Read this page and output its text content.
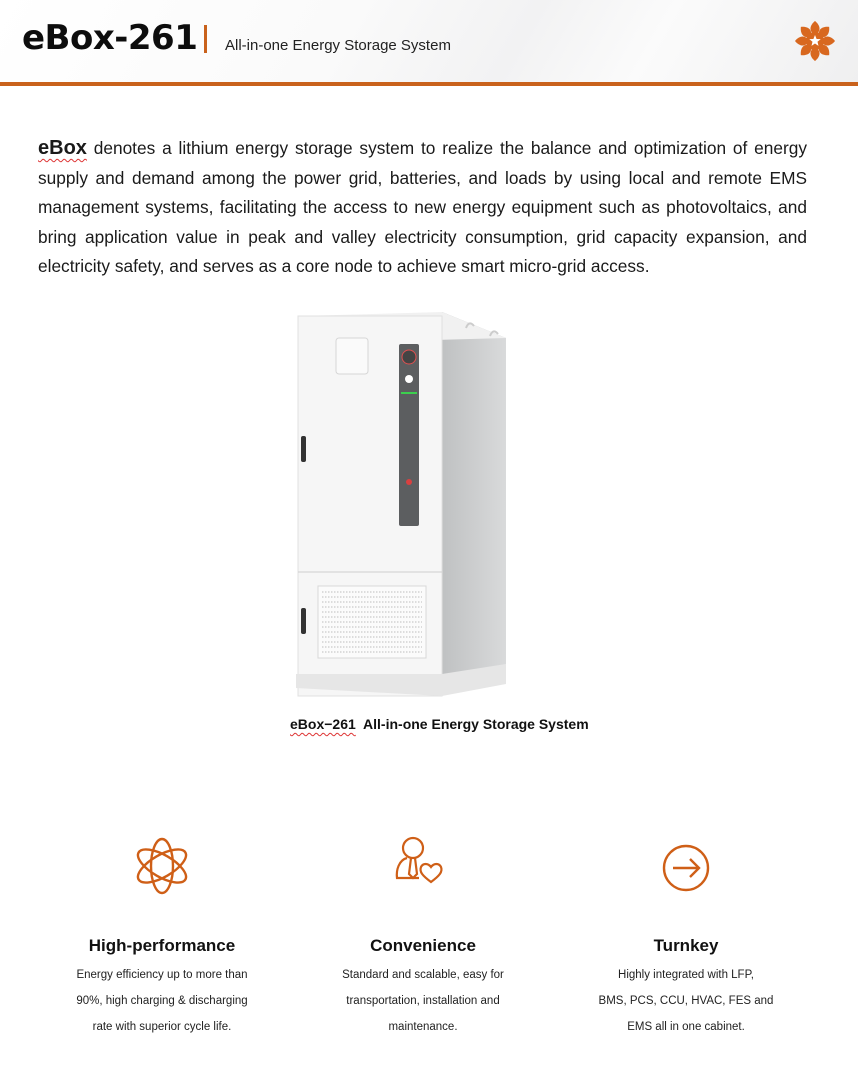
eBox-261 All-in-one Energy Storage System
eBox denotes a lithium energy storage system to realize the balance and optimization of energy supply and demand among the power grid, batteries, and loads by using local and remote EMS management systems, facilitating the access to new energy equipment such as photovoltaics, and bring application value in peak and valley electricity consumption, grid capacity expansion, and electricity safety, and serves as a core node to achieve smart micro-grid access.
eBox−261  All-in-one Energy Storage System
High-performance

Energy efficiency up to more than
90%, high charging & discharging
rate with superior cycle life.

Convenience

Standard and scalable, easy for
transportation, installation and
maintenance.

Turnkey

Highly integrated with LFP,
BMS, PCS, CCU, HVAC, FES and
EMS all in one cabinet.
